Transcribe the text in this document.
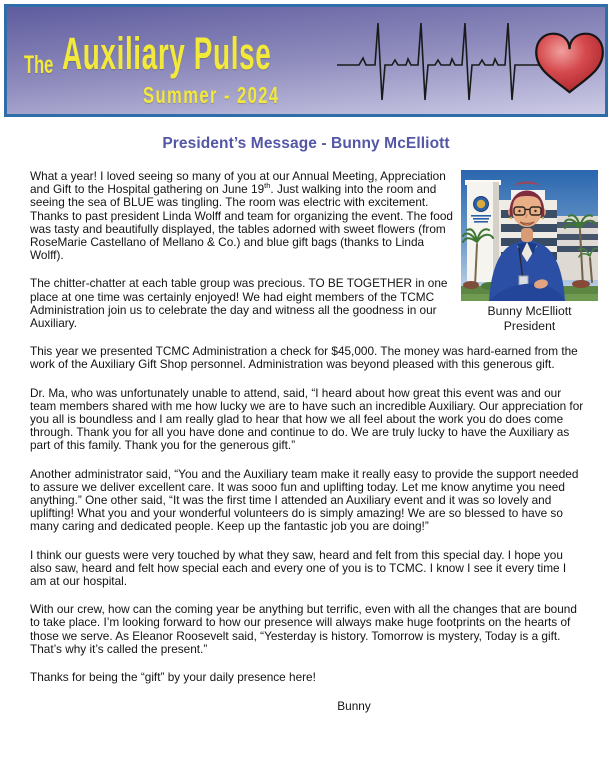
The Auxiliary Pulse
Summer - 2024
President’s Message - Bunny McElliott
Bunny McElliott
President

What a year! I loved seeing so many of you at our Annual Meeting, Appreciation and Gift to the Hospital gathering on June 19th. Just walking into the room and seeing the sea of BLUE was tingling. The room was electric with excitement. Thanks to past president Linda Wolff and team for organizing the event. The food was tasty and beautifully displayed, the tables adorned with sweet flowers (from RoseMarie Castellano of Mellano & Co.) and blue gift bags (thanks to Linda Wolff).

The chitter-chatter at each table group was precious. TO BE TOGETHER in one place at one time was certainly enjoyed! We had eight members of the TCMC Administration join us to celebrate the day and witness all the goodness in our Auxiliary.

This year we presented TCMC Administration a check for $45,000. The money was hard-earned from the work of the Auxiliary Gift Shop personnel. Administration was beyond pleased with this generous gift.

Dr. Ma, who was unfortunately unable to attend, said, “I heard about how great this event was and our team members shared with me how lucky we are to have such an incredible Auxiliary. Our appreciation for you all is boundless and I am really glad to hear that how we all feel about the work you do does come through. Thank you for all you have done and continue to do. We are truly lucky to have the Auxiliary as part of this family. Thank you for the generous gift.”

Another administrator said, “You and the Auxiliary team make it really easy to provide the support needed to assure we deliver excellent care. It was sooo fun and uplifting today. Let me know anytime you need anything.” One other said, “It was the first time I attended an Auxiliary event and it was so lovely and uplifting! What you and your wonderful volunteers do is simply amazing! We are so blessed to have so many caring and dedicated people. Keep up the fantastic job you are doing!”

I think our guests were very touched by what they saw, heard and felt from this special day. I hope you also saw, heard and felt how special each and every one of you is to TCMC. I know I see it every time I am at our hospital.

With our crew, how can the coming year be anything but terrific, even with all the changes that are bound to take place. I’m looking forward to how our presence will always make huge footprints on the hearts of those we serve. As Eleanor Roosevelt said, “Yesterday is history. Tomorrow is mystery, Today is a gift. That’s why it’s called the present.”

Thanks for being the “gift” by your daily presence here!

Bunny
